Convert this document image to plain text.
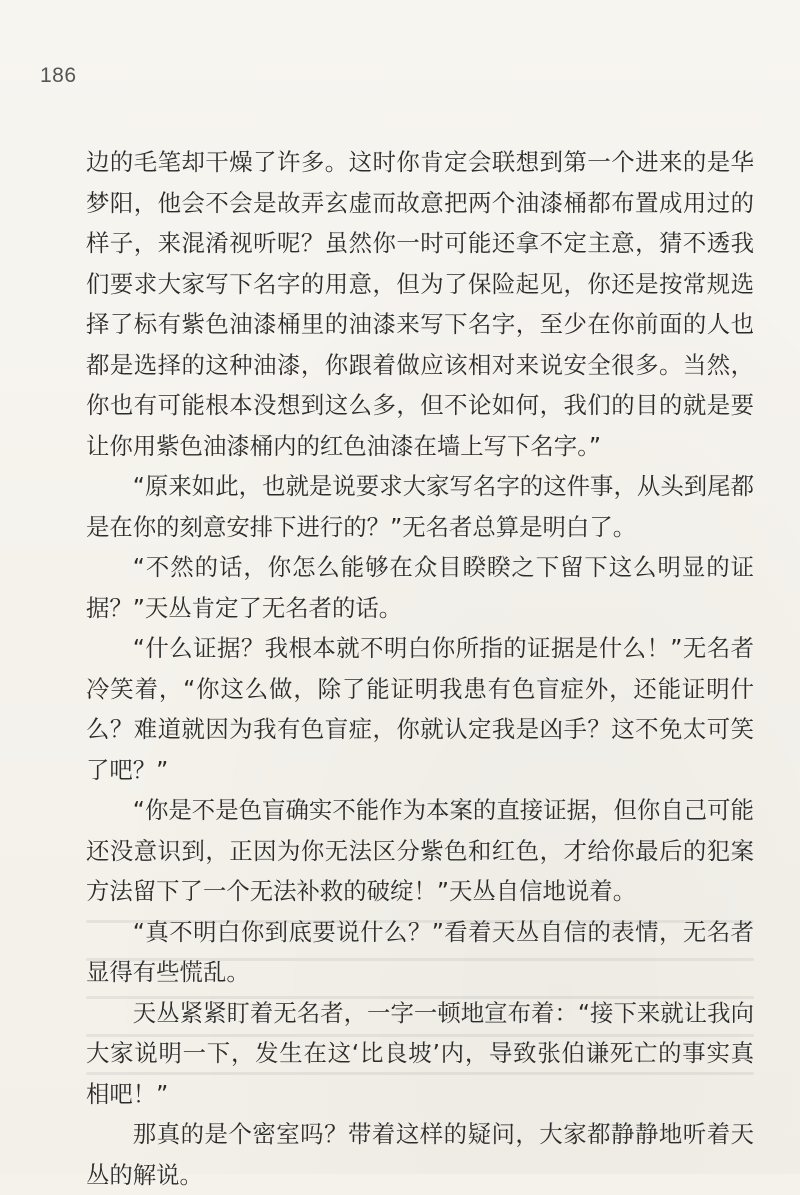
186

边的毛笔却干燥了许多。这时你肯定会联想到第一个进来的是华梦阳，他会不会是故弄玄虚而故意把两个油漆桶都布置成用过的样子，来混淆视听呢？虽然你一时可能还拿不定主意，猜不透我们要求大家写下名字的用意，但为了保险起见，你还是按常规选择了标有紫色油漆桶里的油漆来写下名字，至少在你前面的人也都是选择的这种油漆，你跟着做应该相对来说安全很多。当然，你也有可能根本没想到这么多，但不论如何，我们的目的就是要让你用紫色油漆桶内的红色油漆在墙上写下名字。”

“原来如此，也就是说要求大家写名字的这件事，从头到尾都是在你的刻意安排下进行的？”无名者总算是明白了。

“不然的话，你怎么能够在众目睽睽之下留下这么明显的证据？”天丛肯定了无名者的话。

“什么证据？我根本就不明白你所指的证据是什么！”无名者冷笑着，“你这么做，除了能证明我患有色盲症外，还能证明什么？难道就因为我有色盲症，你就认定我是凶手？这不免太可笑了吧？”

“你是不是色盲确实不能作为本案的直接证据，但你自己可能还没意识到，正因为你无法区分紫色和红色，才给你最后的犯案方法留下了一个无法补救的破绽！”天丛自信地说着。

“真不明白你到底要说什么？”看着天丛自信的表情，无名者显得有些慌乱。

天丛紧紧盯着无名者，一字一顿地宣布着：“接下来就让我向大家说明一下，发生在这‘比良坡’内，导致张伯谦死亡的事实真相吧！”

那真的是个密室吗？带着这样的疑问，大家都静静地听着天丛的解说。
